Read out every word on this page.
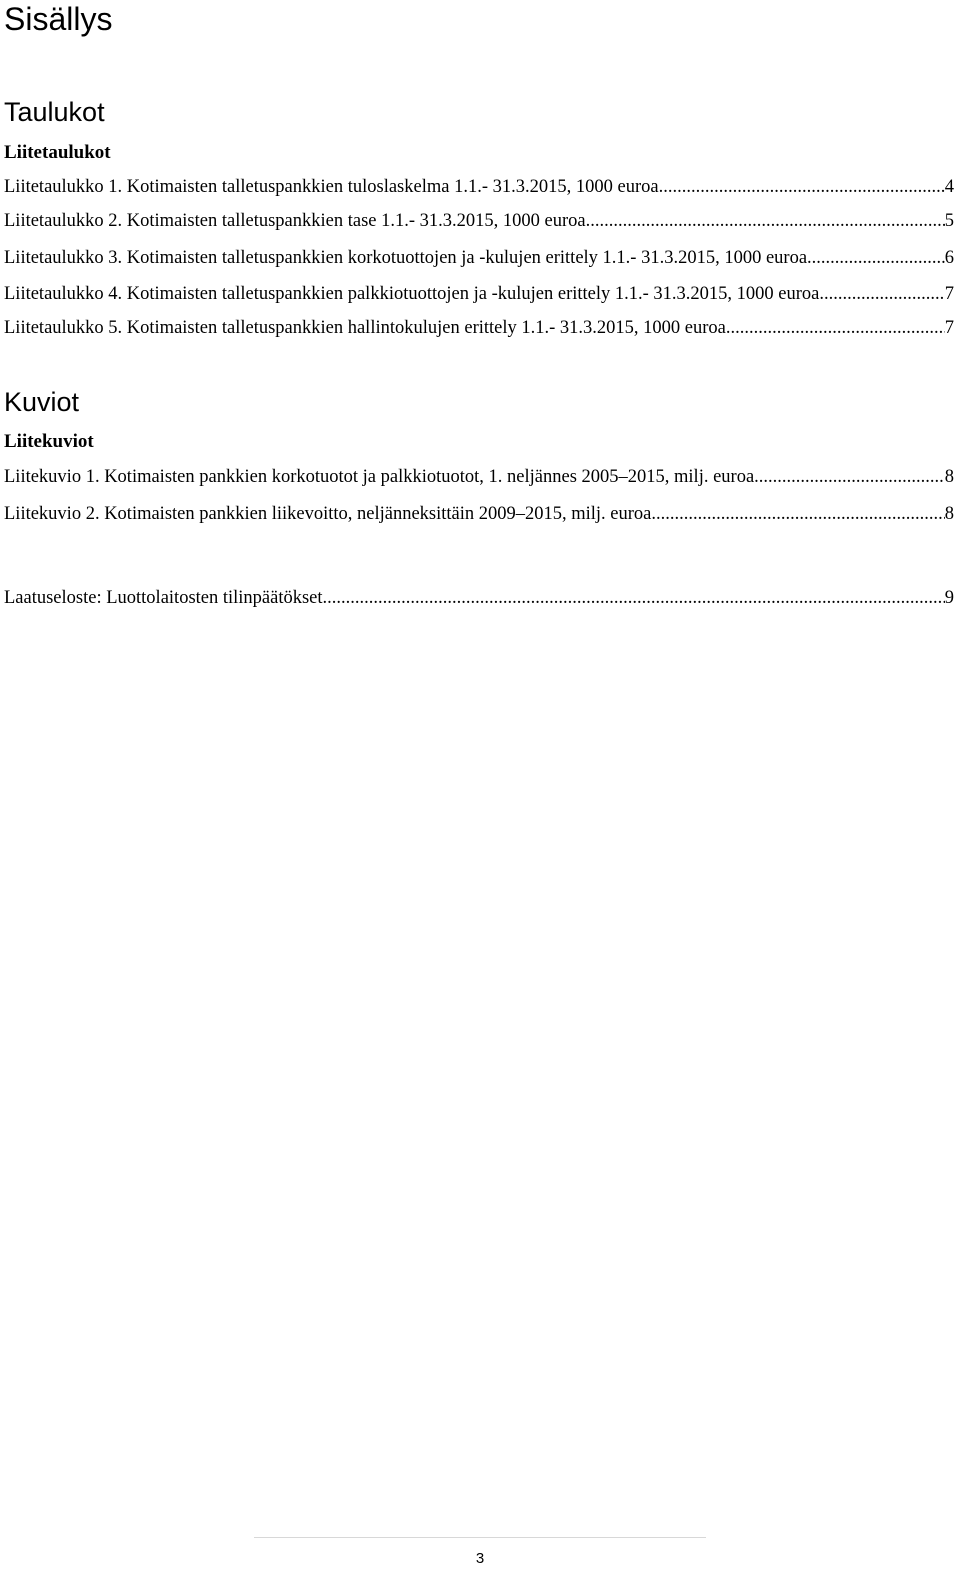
Sisällys
Taulukot
Liitetaulukot
Liitetaulukko 1. Kotimaisten talletuspankkien tuloslaskelma 1.1.- 31.3.2015, 1000 euroa .....	4
Liitetaulukko 2. Kotimaisten talletuspankkien tase 1.1.- 31.3.2015, 1000 euroa .....	5
Liitetaulukko 3. Kotimaisten talletuspankkien korkotuottojen ja -kulujen erittely 1.1.- 31.3.2015, 1000 euroa .....	6
Liitetaulukko 4. Kotimaisten talletuspankkien palkkiotuottojen ja -kulujen erittely 1.1.- 31.3.2015, 1000 euroa .....	7
Liitetaulukko 5. Kotimaisten talletuspankkien hallintokulujen erittely 1.1.- 31.3.2015, 1000 euroa .....	7
Kuviot
Liitekuviot
Liitekuvio 1. Kotimaisten pankkien korkotuotot ja palkkiotuotot, 1. neljännes 2005–2015, milj. euroa .....	8
Liitekuvio 2. Kotimaisten pankkien liikevoitto, neljänneksittäin 2009–2015, milj. euroa .....	8
Laatuseloste: Luottolaitosten tilinpäätökset .....	9
3
